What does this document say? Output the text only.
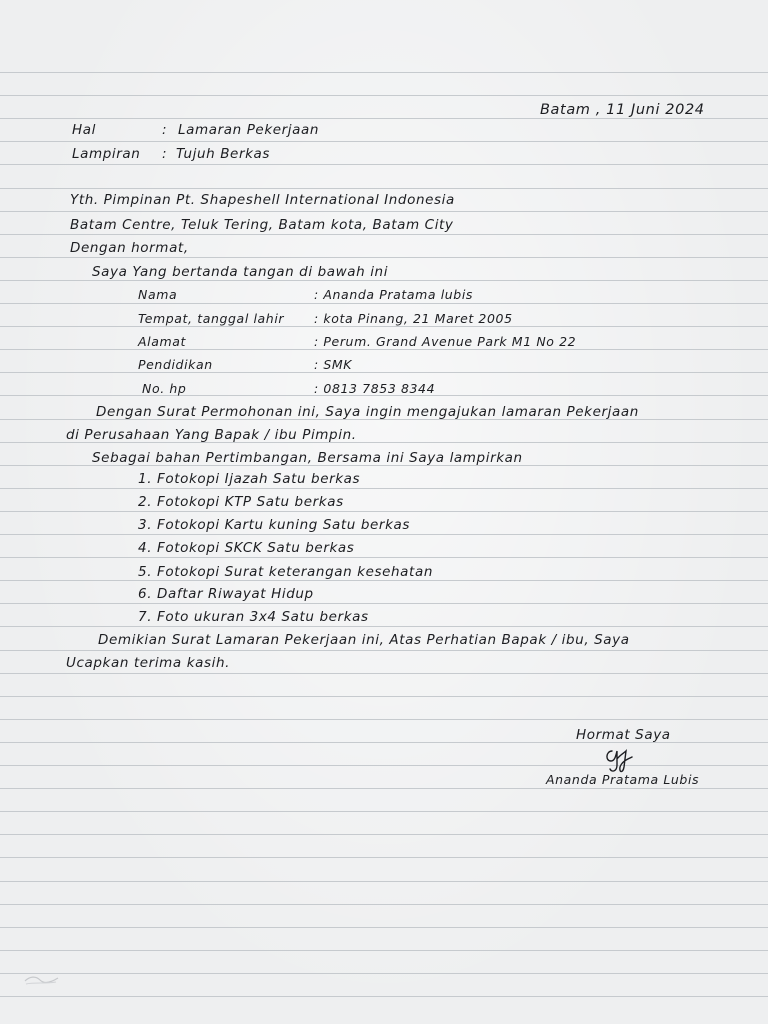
Batam , 11 Juni 2024
Hal	: Lamaran Pekerjaan
Lampiran : Tujuh Berkas
Yth. Pimpinan Pt. Shapeshell International Indonesia
Batam Centre, Teluk Tering, Batam kota, Batam City
Dengan hormat,
Saya Yang bertanda tangan di bawah ini
Nama	: Ananda Pratama lubis
Tempat, tanggal lahir : kota Pinang, 21 Maret 2005
Alamat	: Perum. Grand Avenue Park M1 No 22
Pendidikan	: SMK
No. hp	: 0813 7853 8344
Dengan Surat Permohonan ini, Saya ingin mengajukan lamaran Pekerjaan
di Perusahaan Yang Bapak / ibu Pimpin.
Sebagai bahan Pertimbangan, Bersama ini Saya lampirkan
1. Fotokopi Ijazah Satu berkas
2. Fotokopi KTP Satu berkas
3. Fotokopi Kartu kuning Satu berkas
4. Fotokopi SKCK Satu berkas
5. Fotokopi Surat keterangan kesehatan
6. Daftar Riwayat Hidup
7. Foto ukuran 3x4 Satu berkas
Demikian Surat Lamaran Pekerjaan ini, Atas Perhatian Bapak / ibu, Saya
Ucapkan terima kasih.
Hormat Saya
Ananda Pratama Lubis
